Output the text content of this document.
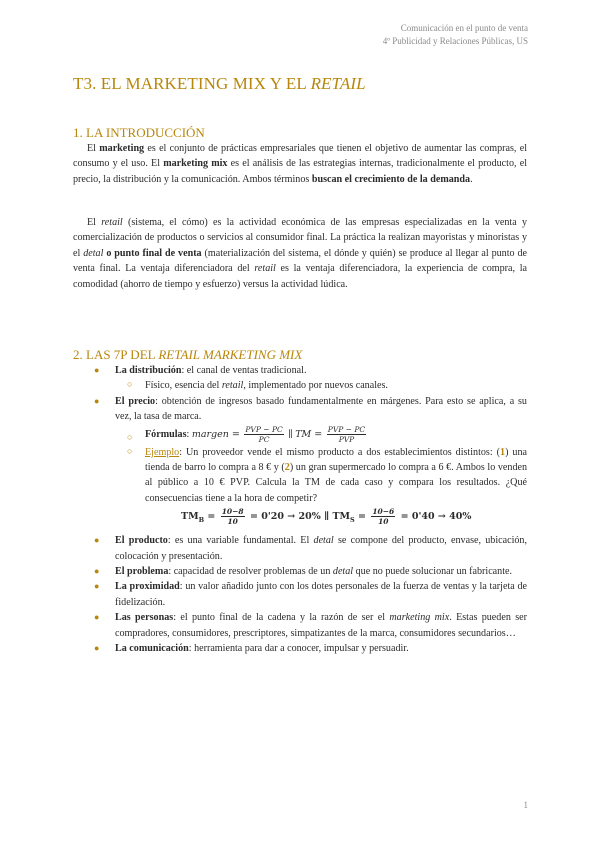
Comunicación en el punto de venta
4º Publicidad y Relaciones Públicas, US
T3. EL MARKETING MIX Y EL RETAIL
1. LA INTRODUCCIÓN
El marketing es el conjunto de prácticas empresariales que tienen el objetivo de aumentar las compras, el consumo y el uso. El marketing mix es el análisis de las estrategias internas, tradicionalmente el producto, el precio, la distribución y la comunicación. Ambos términos buscan el crecimiento de la demanda.
El retail (sistema, el cómo) es la actividad económica de las empresas especializadas en la venta y comercialización de productos o servicios al consumidor final. La práctica la realizan mayoristas y minoristas y el detal o punto final de venta (materialización del sistema, el dónde y quién) se produce al llegar al punto de venta final. La ventaja diferenciadora del retail es la ventaja diferenciadora, la experiencia de compra, la comodidad (ahorro de tiempo y esfuerzo) versus la actividad lúdica.
2. LAS 7P DEL RETAIL MARKETING MIX
● La distribución: el canal de ventas tradicional.
○ Físico, esencia del retail, implementado por nuevos canales.
● El precio: obtención de ingresos basado fundamentalmente en márgenes. Para esto se aplica, a su vez, la tasa de marca.
○ Fórmulas: margen = $\frac{\text{PVP − PC}}{PC}$ ∥ TM = $\frac{\text{PVP − PC}}{\text{PVP}}$
○ Ejemplo: Un proveedor vende el mismo producto a dos establecimientos distintos: (1) una tienda de barro lo compra a 8 € y (2) un gran supermercado lo compra a 6 €. Ambos lo venden al público a 10 € PVP. Calcula la TM de cada caso y compara los resultados. ¿Qué consecuencias tiene a la hora de competir?
$TM_B = \frac{10-8}{10} = 0'20 \to 20\%$ ∥ $TM_S = \frac{10-6}{10} = 0'40 \to 40\%$
● El producto: es una variable fundamental. El detal se compone del producto, envase, ubicación, colocación y presentación.
● El problema: capacidad de resolver problemas de un detal que no puede solucionar un fabricante.
● La proximidad: un valor añadido junto con los dotes personales de la fuerza de ventas y la tarjeta de fidelización.
● Las personas: el punto final de la cadena y la razón de ser el marketing mix. Estas pueden ser compradores, consumidores, prescriptores, simpatizantes de la marca, consumidores secundarios…
● La comunicación: herramienta para dar a conocer, impulsar y persuadir.
1
